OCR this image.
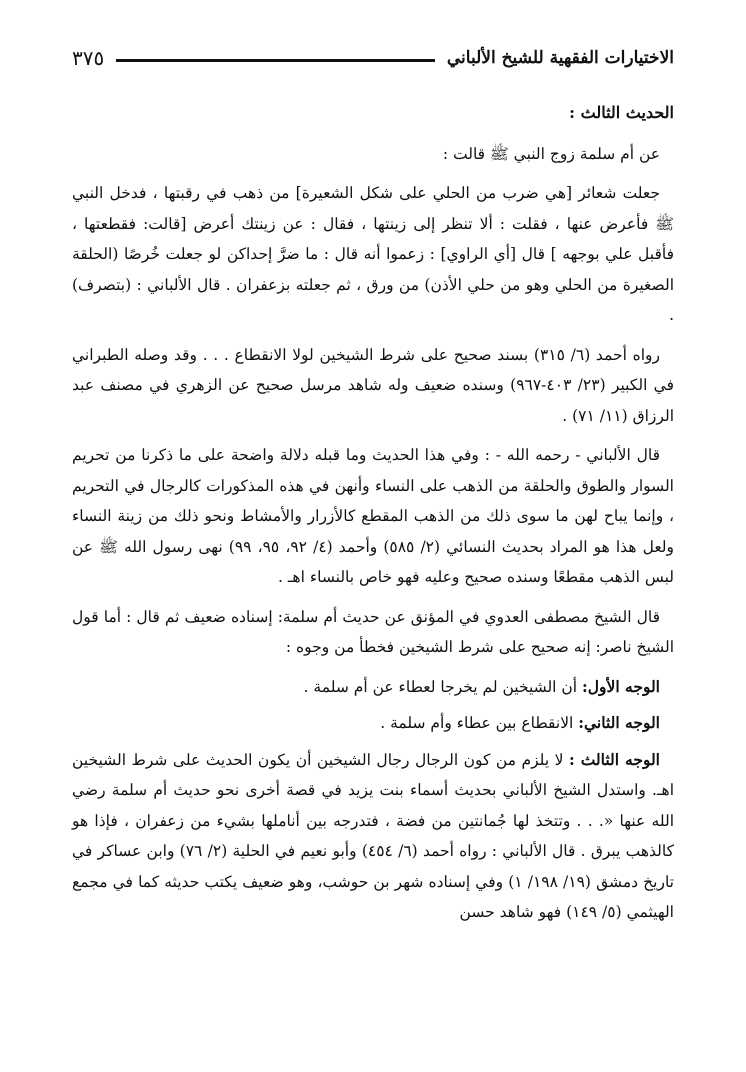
الاختيارات الفقهية للشيخ الألباني
٣٧٥
الحديث الثالث :

عن أم سلمة زوج النبي ﷺ قالت :

جعلت شعائر [هي ضرب من الحلي على شكل الشعيرة] من ذهب في رقبتها ، فدخل النبي ﷺ فأعرض عنها ، فقلت : ألا تنظر إلى زينتها ، فقال : عن زينتك أعرض [قالت: فقطعتها ، فأقبل علي بوجهه ] قال [أي الراوي] : زعموا أنه قال : ما ضرَّ إحداكن لو جعلت خُرصًا (الحلقة الصغيرة من الحلي وهو من حلي الأذن) من ورق ، ثم جعلته بزعفران . قال الألباني : (بتصرف) .

رواه أحمد (٦/ ٣١٥) بسند صحيح على شرط الشيخين لولا الانقطاع . . . وقد وصله الطبراني في الكبير (٢٣/ ٤٠٣-٩٦٧) وسنده ضعيف وله شاهد مرسل صحيح عن الزهري في مصنف عبد الرزاق (١١/ ٧١) .

قال الألباني - رحمه الله - : وفي هذا الحديث وما قبله دلالة واضحة على ما ذكرنا من تحريم السوار والطوق والحلقة من الذهب على النساء وأنهن في هذه المذكورات كالرجال في التحريم ، وإنما يباح لهن ما سوى ذلك من الذهب المقطع كالأزرار والأمشاط ونحو ذلك من زينة النساء ولعل هذا هو المراد بحديث النسائي (٢/ ٥٨٥) وأحمد (٤/ ٩٢، ٩٥، ٩٩) نهى رسول الله ﷺ عن لبس الذهب مقطعًا وسنده صحيح وعليه فهو خاص بالنساء اهـ .

قال الشيخ مصطفى العدوي في المؤنق عن حديث أم سلمة: إسناده ضعيف ثم قال : أما قول الشيخ ناصر: إنه صحيح على شرط الشيخين فخطأ من وجوه :

الوجه الأول: أن الشيخين لم يخرجا لعطاء عن أم سلمة .

الوجه الثاني: الانقطاع بين عطاء وأم سلمة .

الوجه الثالث : لا يلزم من كون الرجال رجال الشيخين أن يكون الحديث على شرط الشيخين اهـ. واستدل الشيخ الألباني بحديث أسماء بنت يزيد في قصة أخرى نحو حديث أم سلمة رضي الله عنها «. . . وتتخذ لها جُمانتين من فضة ، فتدرجه بين أناملها بشيء من زعفران ، فإذا هو كالذهب يبرق . قال الألباني : رواه أحمد (٦/ ٤٥٤) وأبو نعيم في الحلية (٢/ ٧٦) وابن عساكر في تاريخ دمشق (١٩/ ١٩٨/ ١) وفي إسناده شهر بن حوشب، وهو ضعيف يكتب حديثه كما في مجمع الهيثمي (٥/ ١٤٩) فهو شاهد حسن
